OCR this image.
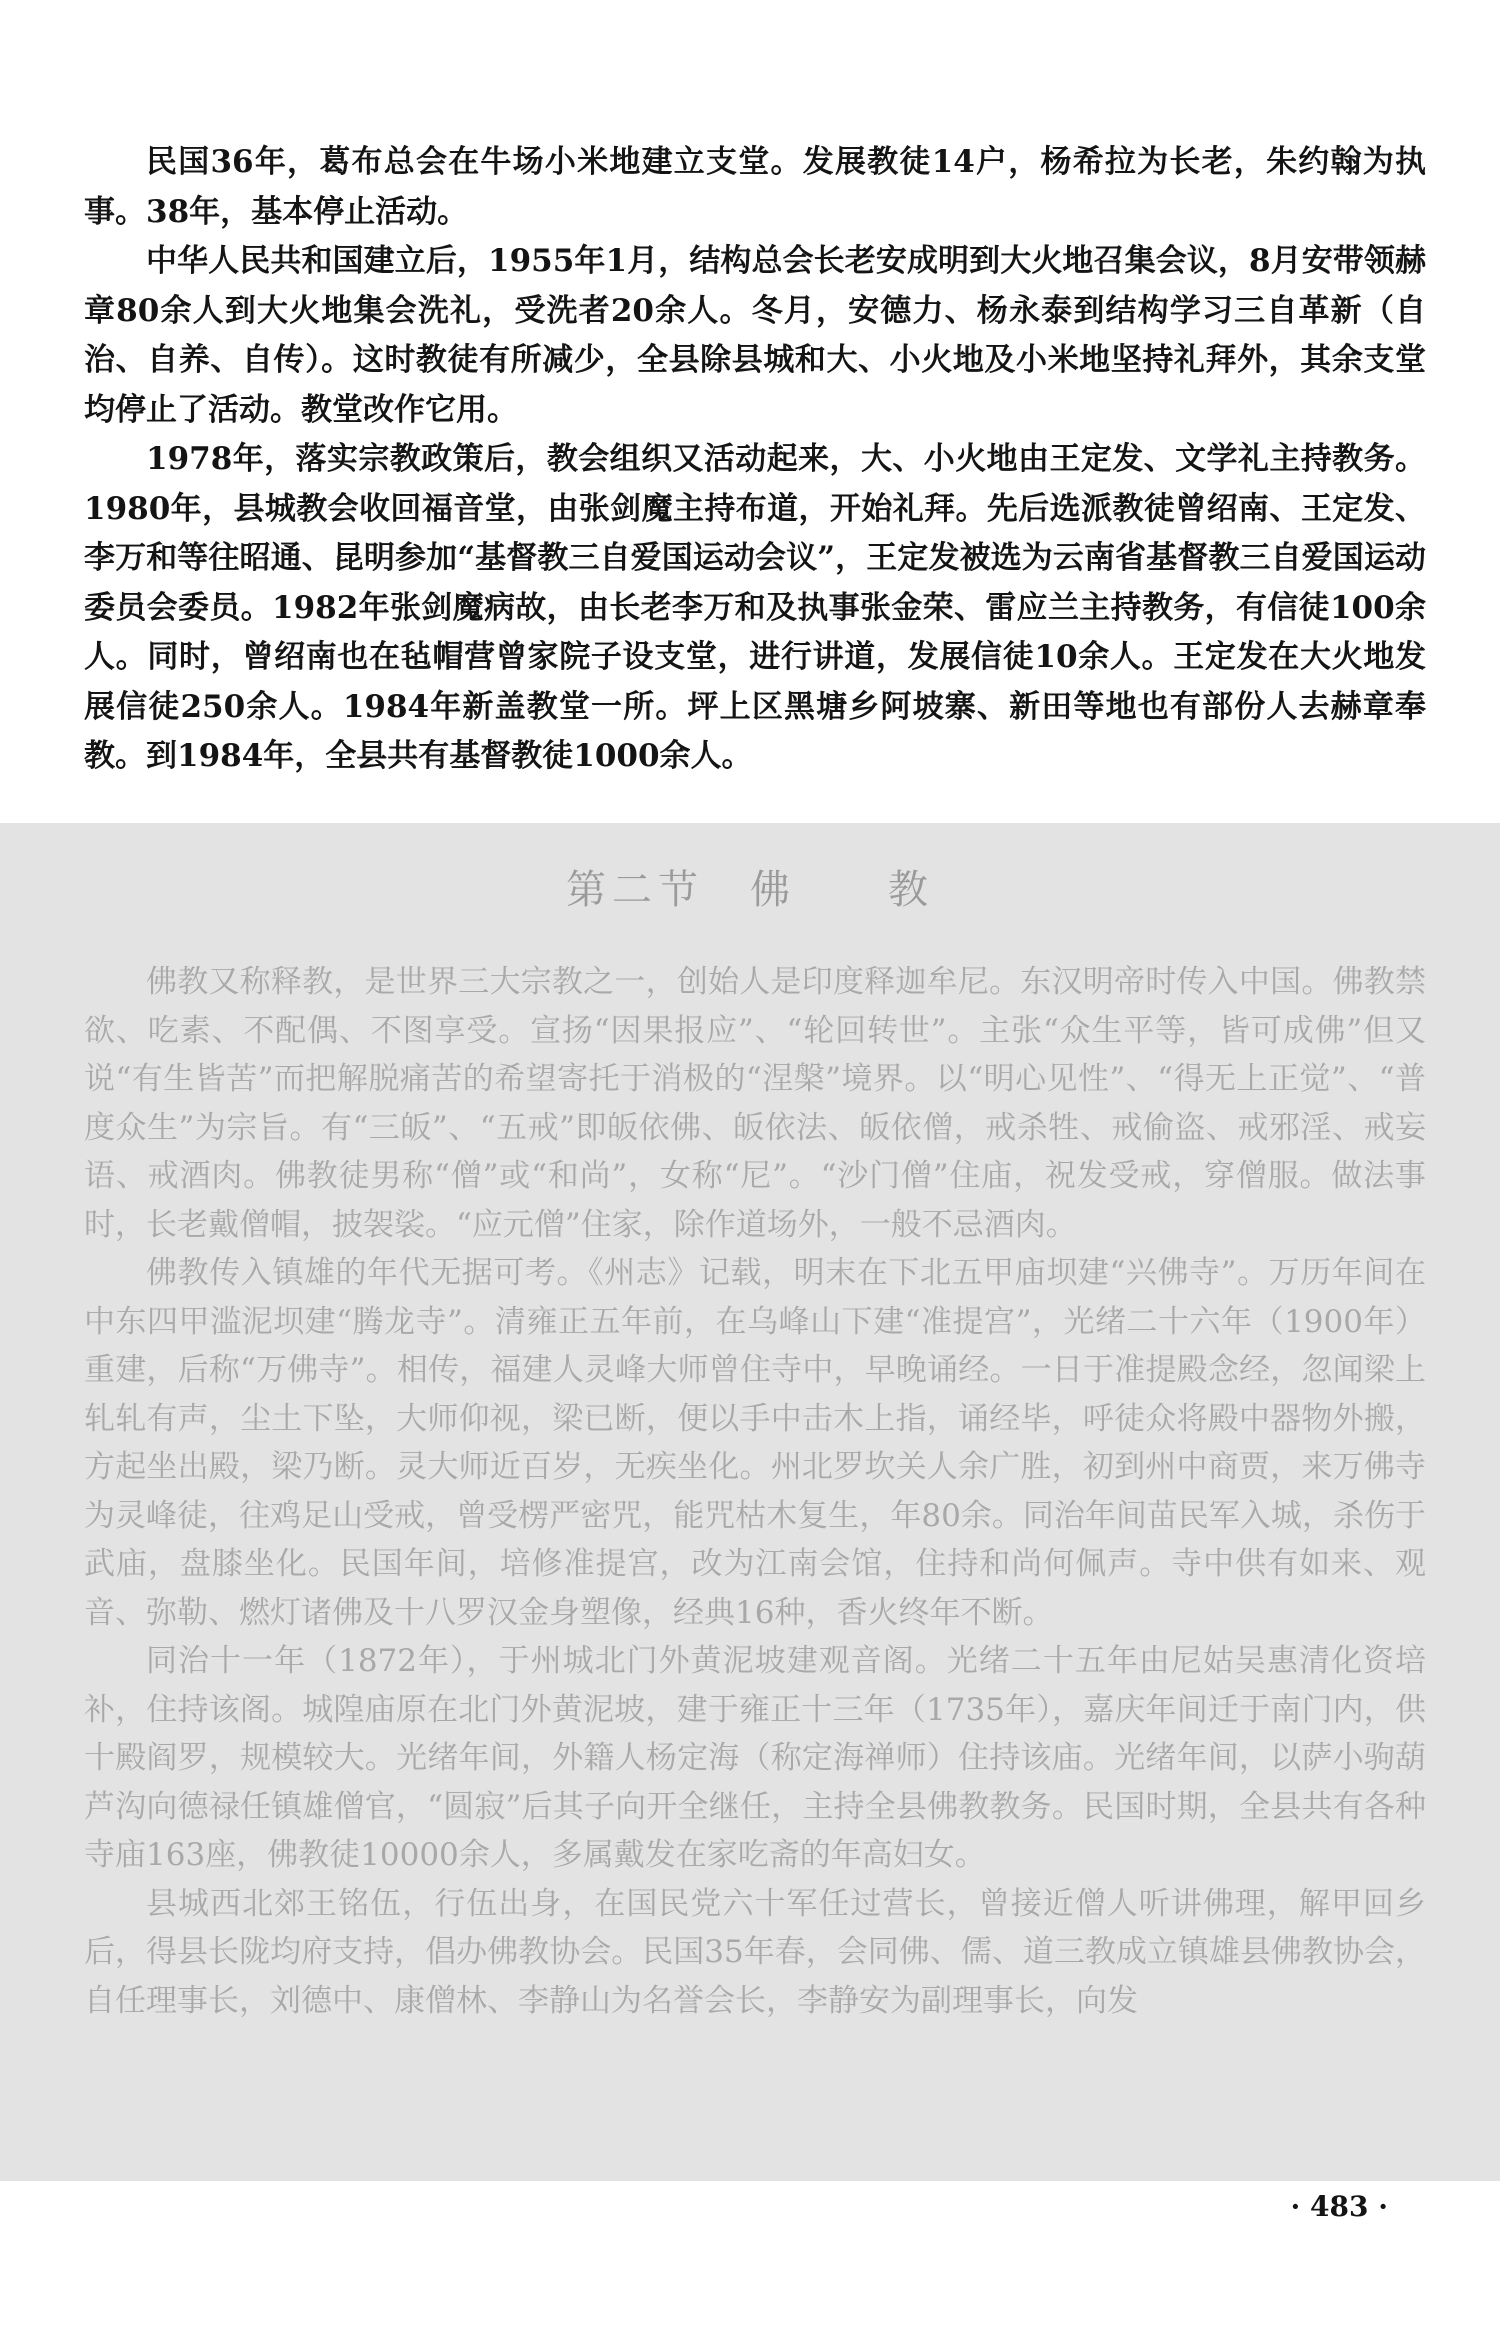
民国36年，葛布总会在牛场小米地建立支堂。发展教徒14户，杨希拉为长老，朱约翰为执事。38年，基本停止活动。

中华人民共和国建立后，1955年1月，结构总会长老安成明到大火地召集会议，8月安带领赫章80余人到大火地集会洗礼，受洗者20余人。冬月，安德力、杨永泰到结构学习三自革新（自治、自养、自传）。这时教徒有所减少，全县除县城和大、小火地及小米地坚持礼拜外，其余支堂均停止了活动。教堂改作它用。

1978年，落实宗教政策后，教会组织又活动起来，大、小火地由王定发、文学礼主持教务。1980年，县城教会收回福音堂，由张剑魔主持布道，开始礼拜。先后选派教徒曾绍南、王定发、李万和等往昭通、昆明参加“基督教三自爱国运动会议”，王定发被选为云南省基督教三自爱国运动委员会委员。1982年张剑魔病故，由长老李万和及执事张金荣、雷应兰主持教务，有信徒100余人。同时，曾绍南也在毡帽营曾家院子设支堂，进行讲道，发展信徒10余人。王定发在大火地发展信徒250余人。1984年新盖教堂一所。坪上区黑塘乡阿坡寨、新田等地也有部份人去赫章奉教。到1984年，全县共有基督教徒1000余人。

第二节　佛　　教

佛教又称释教，是世界三大宗教之一，创始人是印度释迦牟尼。东汉明帝时传入中国。佛教禁欲、吃素、不配偶、不图享受。宣扬“因果报应”、“轮回转世”。主张“众生平等，皆可成佛”但又说“有生皆苦”而把解脱痛苦的希望寄托于消极的“涅槃”境界。以“明心见性”、“得无上正觉”、“普度众生”为宗旨。有“三皈”、“五戒”即皈依佛、皈依法、皈依僧，戒杀牲、戒偷盗、戒邪淫、戒妄语、戒酒肉。佛教徒男称“僧”或“和尚”，女称“尼”。“沙门僧”住庙，祝发受戒，穿僧服。做法事时，长老戴僧帽，披袈裟。“应元僧”住家，除作道场外，一般不忌酒肉。

佛教传入镇雄的年代无据可考。《州志》记载，明末在下北五甲庙坝建“兴佛寺”。万历年间在中东四甲滥泥坝建“腾龙寺”。清雍正五年前，在乌峰山下建“准提宫”，光绪二十六年（1900年）重建，后称“万佛寺”。相传，福建人灵峰大师曾住寺中，早晚诵经。一日于准提殿念经，忽闻梁上轧轧有声，尘土下坠，大师仰视，梁已断，便以手中击木上指，诵经毕，呼徒众将殿中器物外搬，方起坐出殿，梁乃断。灵大师近百岁，无疾坐化。州北罗坎关人余广胜，初到州中商贾，来万佛寺为灵峰徒，往鸡足山受戒，曾受楞严密咒，能咒枯木复生，年80余。同治年间苗民军入城，杀伤于武庙，盘膝坐化。民国年间，培修准提宫，改为江南会馆，住持和尚何佩声。寺中供有如来、观音、弥勒、燃灯诸佛及十八罗汉金身塑像，经典16种，香火终年不断。

同治十一年（1872年），于州城北门外黄泥坡建观音阁。光绪二十五年由尼姑吴惠清化资培补，住持该阁。城隍庙原在北门外黄泥坡，建于雍正十三年（1735年），嘉庆年间迁于南门内，供十殿阎罗，规模较大。光绪年间，外籍人杨定海（称定海禅师）住持该庙。光绪年间，以萨小驹葫芦沟向德禄任镇雄僧官，“圆寂”后其子向开全继任，主持全县佛教教务。民国时期，全县共有各种寺庙163座，佛教徒10000余人，多属戴发在家吃斋的年高妇女。

县城西北郊王铭伍，行伍出身，在国民党六十军任过营长，曾接近僧人听讲佛理，解甲回乡后，得县长陇均府支持，倡办佛教协会。民国35年春，会同佛、儒、道三教成立镇雄县佛教协会，自任理事长，刘德中、康僧林、李静山为名誉会长，李静安为副理事长，向发

· 483 ·
